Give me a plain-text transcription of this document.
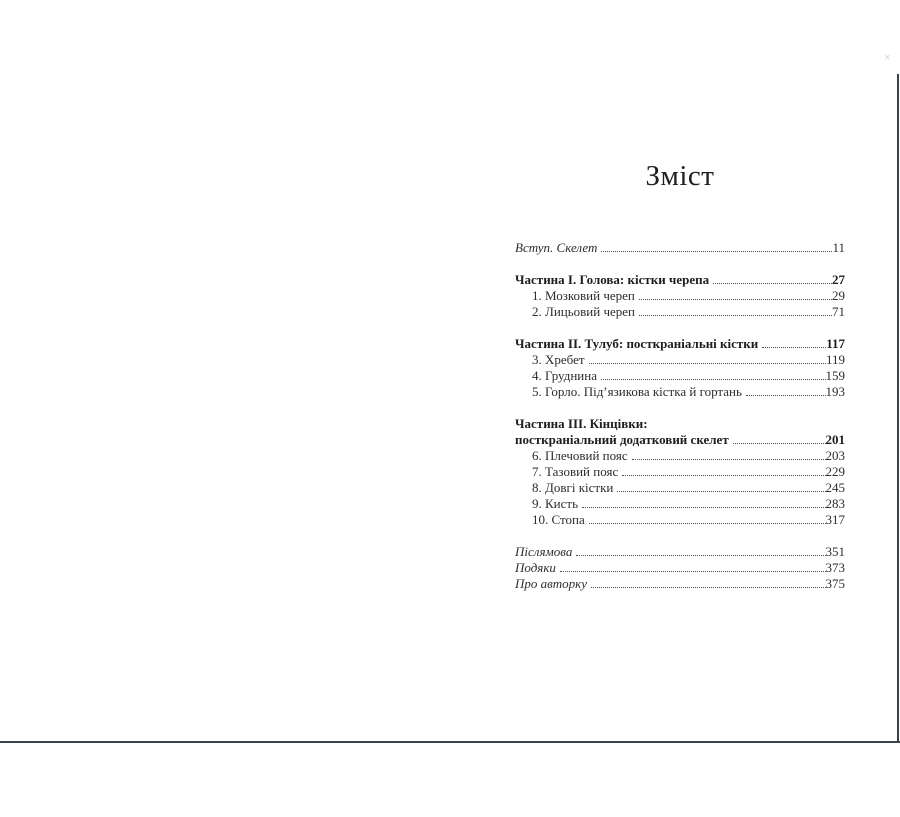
×
Зміст
Вступ. Скелет	11
Частина I. Голова: кістки черепа	27
1. Мозковий череп	29
2. Лицьовий череп	71
Частина II. Тулуб: посткраніальні кістки	117
3. Хребет	119
4. Груднина	159
5. Горло. Під’язикова кістка й гортань	193
Частина III. Кінцівки:
посткраніальний додатковий скелет	201
6. Плечовий пояс	203
7. Тазовий пояс	229
8. Довгі кістки	245
9. Кисть	283
10. Стопа	317
Післямова	351
Подяки	373
Про авторку	375
